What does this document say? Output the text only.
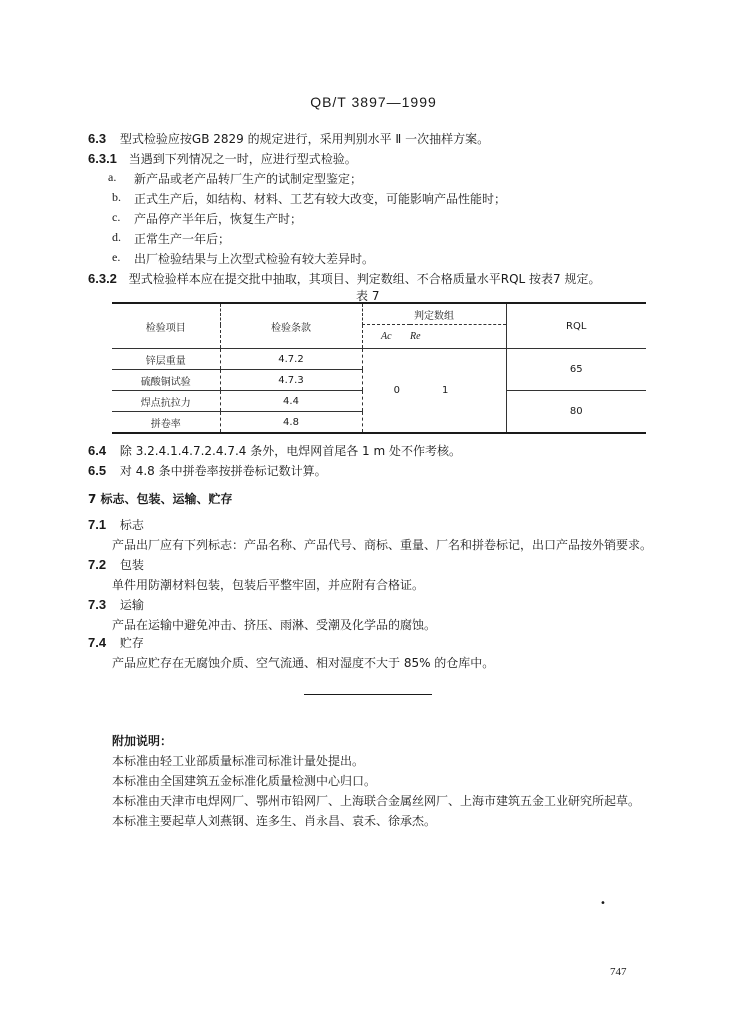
QB/T 3897—1999
6.3 型式检验应按GB 2829 的规定进行，采用判别水平 Ⅱ 一次抽样方案。
6.3.1 当遇到下列情况之一时，应进行型式检验。
a. 新产品或老产品转厂生产的试制定型鉴定；
b. 正式生产后，如结构、材料、工艺有较大改变，可能影响产品性能时；
c. 产品停产半年后，恢复生产时；
d. 正常生产一年后；
e. 出厂检验结果与上次型式检验有较大差异时。
6.3.2 型式检验样本应在提交批中抽取，其项目、判定数组、不合格质量水平RQL 按表7 规定。
表 7
检验项目	检验条款	判定数组		RQL
		Ac	Re	
锌层重量	4.7.2	0	1	65
硫酸铜试验	4.7.3			
焊点抗拉力	4.4			80
拼卷率	4.8			
6.4 除 3.2.4.1.4.7.2.4.7.4 条外，电焊网首尾各 1 m 处不作考核。
6.5 对 4.8 条中拼卷率按拼卷标记数计算。
7 标志、包装、运输、贮存
7.1 标志
产品出厂应有下列标志：产品名称、产品代号、商标、重量、厂名和拼卷标记，出口产品按外销要求。
7.2 包装
单件用防潮材料包装，包装后平整牢固，并应附有合格证。
7.3 运输
产品在运输中避免冲击、挤压、雨淋、受潮及化学品的腐蚀。
7.4 贮存
产品应贮存在无腐蚀介质、空气流通、相对湿度不大于 85% 的仓库中。
附加说明：
本标准由轻工业部质量标准司标准计量处提出。
本标准由全国建筑五金标准化质量检测中心归口。
本标准由天津市电焊网厂、鄂州市铅网厂、上海联合金属丝网厂、上海市建筑五金工业研究所起草。
本标准主要起草人刘燕钢、连多生、肖永昌、袁禾、徐承杰。
•
747
